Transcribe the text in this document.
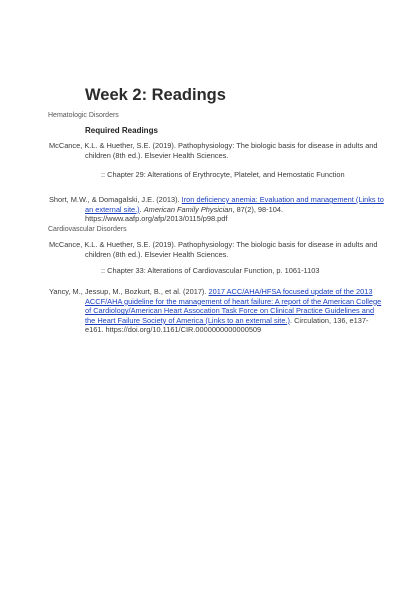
Week 2: Readings
Hematologic Disorders
Required Readings
McCance, K.L. & Huether, S.E. (2019). Pathophysiology: The biologic basis for disease in adults and children (8th ed.). Elsevier Health Sciences.
:: Chapter 29: Alterations of Erythrocyte, Platelet, and Hemostatic Function
Short, M.W., & Domagalski, J.E. (2013). Iron deficiency anemia: Evaluation and management (Links to an external site.). American Family Physician, 87(2), 98-104. https://www.aafp.org/afp/2013/0115/p98.pdf
Cardiovascular Disorders
McCance, K.L. & Huether, S.E. (2019). Pathophysiology: The biologic basis for disease in adults and children (8th ed.). Elsevier Health Sciences.
:: Chapter 33: Alterations of Cardiovascular Function, p. 1061-1103
Yancy, M., Jessup, M., Bozkurt, B., et al. (2017). 2017 ACC/AHA/HFSA focused update of the 2013 ACCF/AHA guideline for the management of heart failure: A report of the American College of Cardiology/American Heart Assocation Task Force on Clinical Practice Guidelines and the Heart Failure Society of America (Links to an external site.). Circulation, 136, e137- e161. https://doi.org/10.1161/CIR.0000000000000509
